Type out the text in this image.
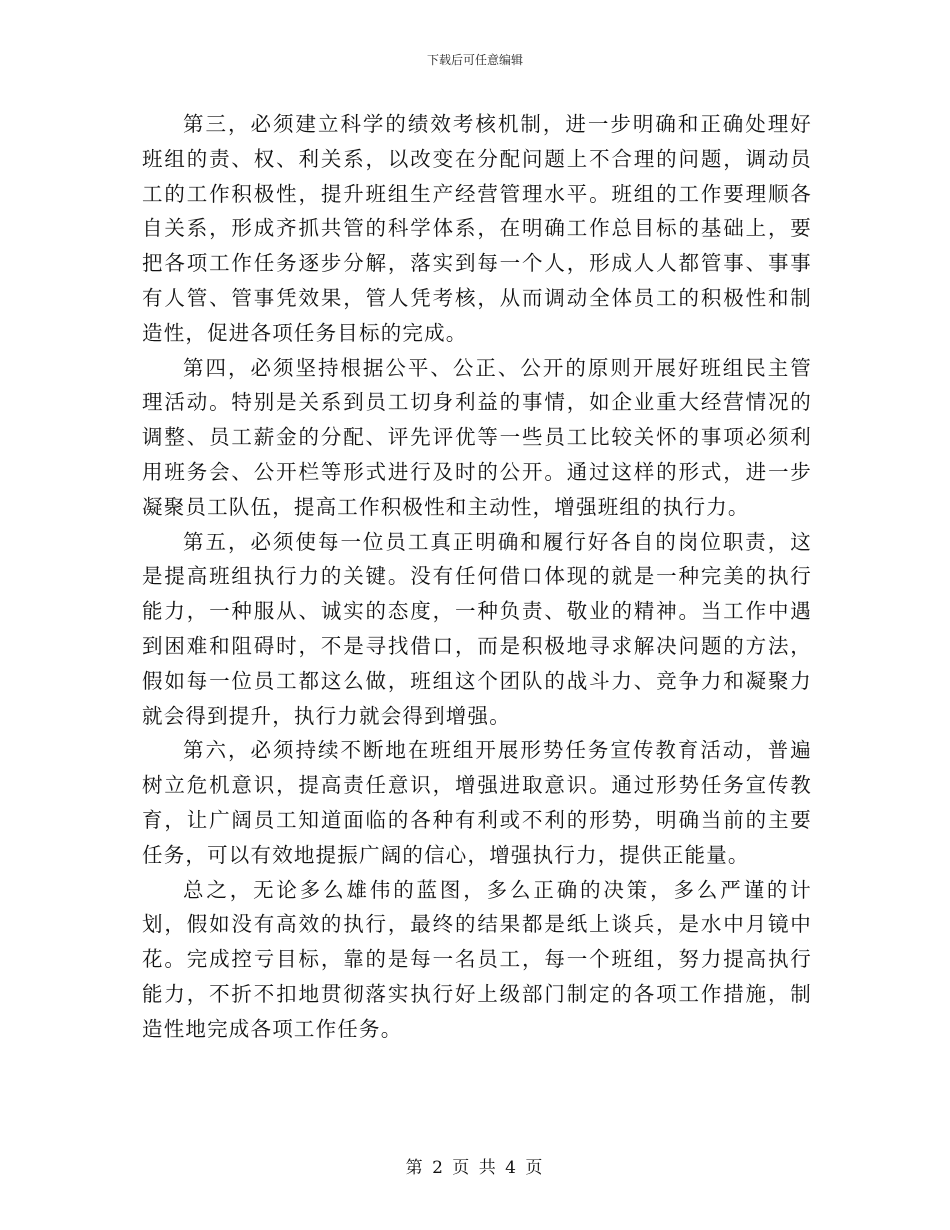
下载后可任意编辑

第三，必须建立科学的绩效考核机制，进一步明确和正确处理好班组的责、权、利关系，以改变在分配问题上不合理的问题，调动员工的工作积极性，提升班组生产经营管理水平。班组的工作要理顺各自关系，形成齐抓共管的科学体系，在明确工作总目标的基础上，要把各项工作任务逐步分解，落实到每一个人，形成人人都管事、事事有人管、管事凭效果，管人凭考核，从而调动全体员工的积极性和制造性，促进各项任务目标的完成。

第四，必须坚持根据公平、公正、公开的原则开展好班组民主管理活动。特别是关系到员工切身利益的事情，如企业重大经营情况的调整、员工薪金的分配、评先评优等一些员工比较关怀的事项必须利用班务会、公开栏等形式进行及时的公开。通过这样的形式，进一步凝聚员工队伍，提高工作积极性和主动性，增强班组的执行力。

第五，必须使每一位员工真正明确和履行好各自的岗位职责，这是提高班组执行力的关键。没有任何借口体现的就是一种完美的执行能力，一种服从、诚实的态度，一种负责、敬业的精神。当工作中遇到困难和阻碍时，不是寻找借口，而是积极地寻求解决问题的方法，假如每一位员工都这么做，班组这个团队的战斗力、竞争力和凝聚力就会得到提升，执行力就会得到增强。

第六，必须持续不断地在班组开展形势任务宣传教育活动，普遍树立危机意识，提高责任意识，增强进取意识。通过形势任务宣传教育，让广阔员工知道面临的各种有利或不利的形势，明确当前的主要任务，可以有效地提振广阔的信心，增强执行力，提供正能量。

总之，无论多么雄伟的蓝图，多么正确的决策，多么严谨的计划，假如没有高效的执行，最终的结果都是纸上谈兵，是水中月镜中花。完成控亏目标，靠的是每一名员工，每一个班组，努力提高执行能力，不折不扣地贯彻落实执行好上级部门制定的各项工作措施，制造性地完成各项工作任务。

第 2 页 共 4 页
